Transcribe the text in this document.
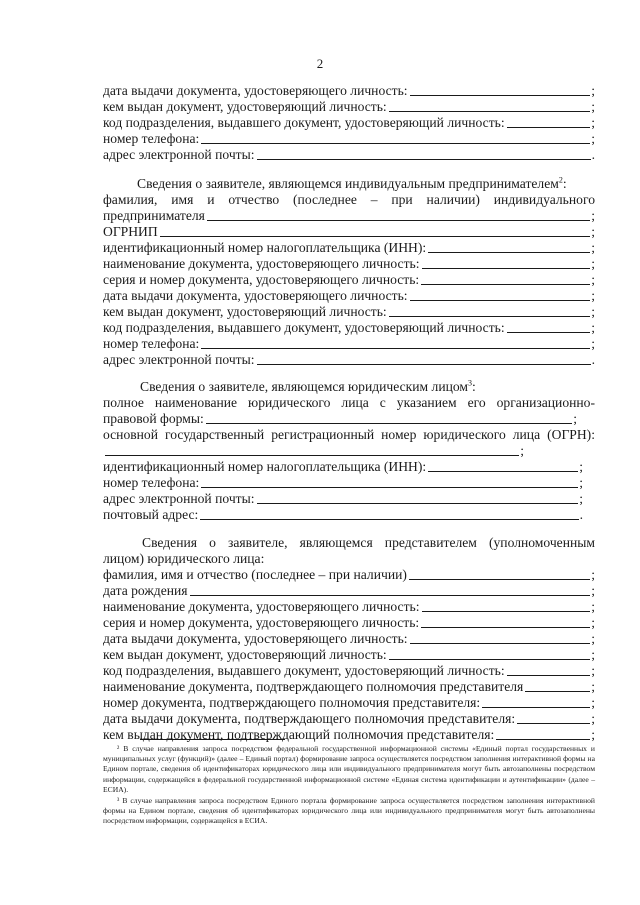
2
дата выдачи документа, удостоверяющего личность:	;
кем выдан документ, удостоверяющий личность:	;
код подразделения, выдавшего документ, удостоверяющий личность:	;
номер телефона:	;
адрес электронной почты:	.
Сведения о заявителе, являющемся индивидуальным предпринимателем$^2$:
фамилия, имя и отчество (последнее – при наличии) индивидуального
предпринимателя	;
ОГРНИП	;
идентификационный номер налогоплательщика (ИНН):	;
наименование документа, удостоверяющего личность:	;
серия и номер документа, удостоверяющего личность:	;
дата выдачи документа, удостоверяющего личность:	;
кем выдан документ, удостоверяющий личность:	;
код подразделения, выдавшего документ, удостоверяющий личность:	;
номер телефона:	;
адрес электронной почты:	.
Сведения о заявителе, являющемся юридическим лицом$^3$:
полное наименование юридического лица с указанием его организационно-
правовой формы:	;
основной государственный регистрационный номер юридического лица (ОГРН):
;
идентификационный номер налогоплательщика (ИНН):	;
номер телефона:	;
адрес электронной почты:	;
почтовый адрес:	.
Сведения о заявителе, являющемся представителем (уполномоченным
лицом) юридического лица:
фамилия, имя и отчество (последнее – при наличии)	;
дата рождения	;
наименование документа, удостоверяющего личность:	;
серия и номер документа, удостоверяющего личность:	;
дата выдачи документа, удостоверяющего личность:	;
кем выдан документ, удостоверяющий личность:	;
код подразделения, выдавшего документ, удостоверяющий личность:	;
наименование документа, подтверждающего полномочия представителя	;
номер документа, подтверждающего полномочия представителя:	;
дата выдачи документа, подтверждающего полномочия представителя:	;
кем выдан документ, подтверждающий полномочия представителя:	;
² В случае направления запроса посредством федеральной государственной информационной системы «Единый портал государственных и муниципальных услуг (функций)» (далее – Единый портал) формирование запроса осуществляется посредством заполнения интерактивной формы на Едином портале, сведения об идентификаторах юридического лица или индивидуального предпринимателя могут быть автозаполнены посредством информации, содержащейся в федеральной государственной информационной системе «Единая система идентификации и аутентификации» (далее – ЕСИА).
³ В случае направления запроса посредством Единого портала формирование запроса осуществляется посредством заполнения интерактивной формы на Едином портале, сведения об идентификаторах юридического лица или индивидуального предпринимателя могут быть автозаполнены посредством информации, содержащейся в ЕСИА.
